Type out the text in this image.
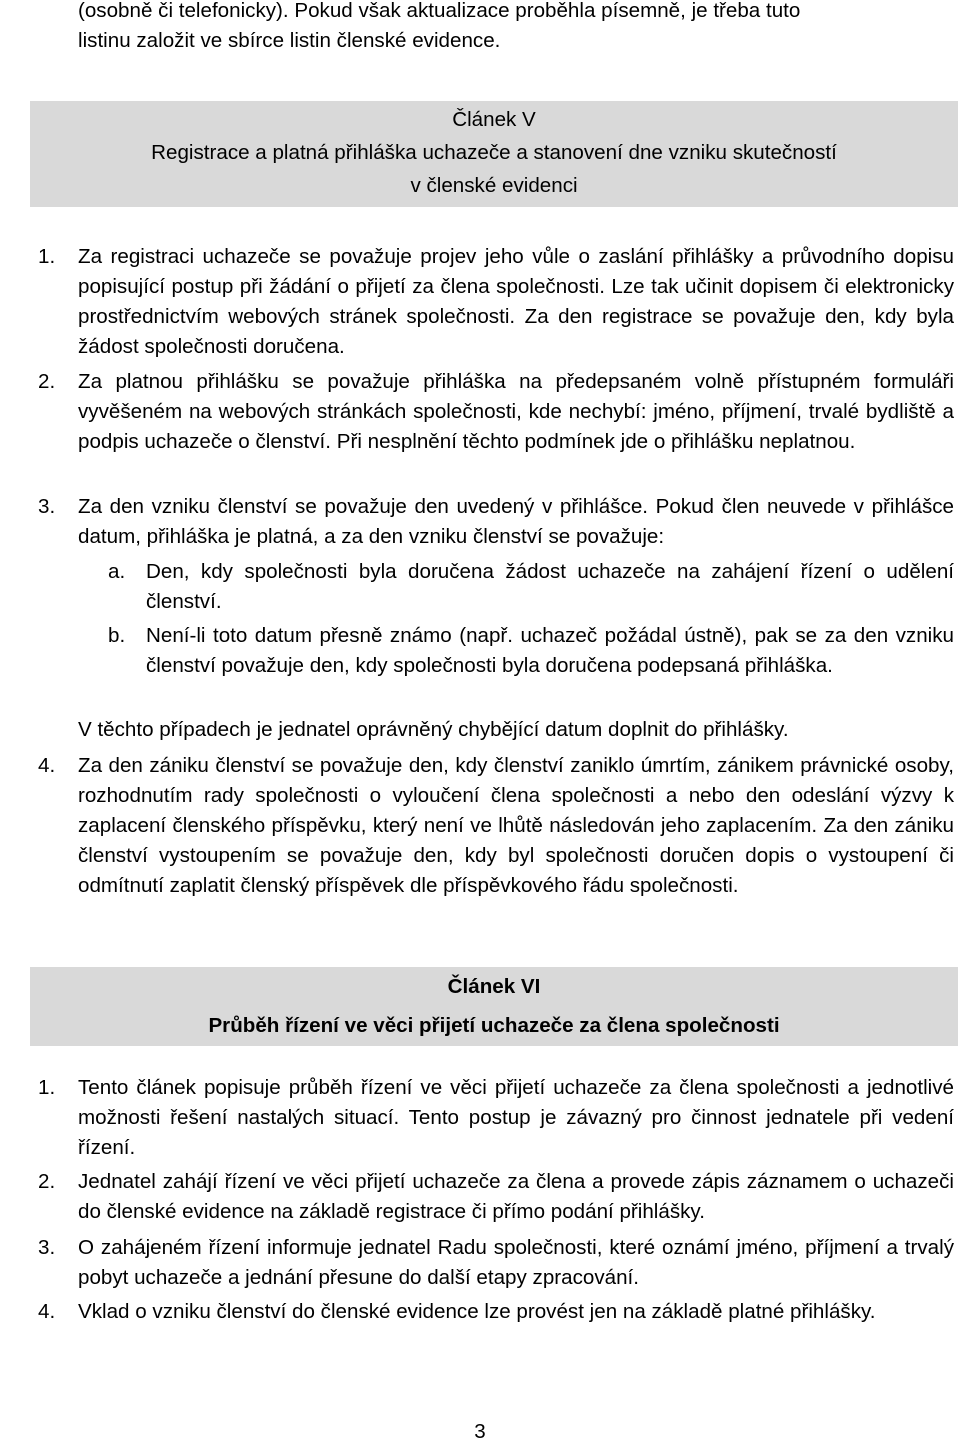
(osobně či telefonicky). Pokud však aktualizace proběhla písemně, je třeba tuto

listinu založit ve sbírce listin členské evidence.

Článek V
Registrace a platná přihláška uchazeče a stanovení dne vzniku skutečností
v členské evidenci
1. Za registraci uchazeče se považuje projev jeho vůle o zaslání přihlášky a průvodního dopisu popisující postup při žádání o přijetí za člena společnosti. Lze tak učinit dopisem či elektronicky prostřednictvím webových stránek společnosti. Za den registrace se považuje den, kdy byla žádost společnosti doručena.

2. Za platnou přihlášku se považuje přihláška na předepsaném volně přístupném formuláři vyvěšeném na webových stránkách společnosti, kde nechybí: jméno, příjmení, trvalé bydliště a podpis uchazeče o členství. Při nesplnění těchto podmínek jde o přihlášku neplatnou.

3. Za den vzniku členství se považuje den uvedený v přihlášce. Pokud člen neuvede v přihlášce datum, přihláška je platná, a za den vzniku členství se považuje:

a. Den, kdy společnosti byla doručena žádost uchazeče na zahájení řízení o udělení členství.

b. Není-li toto datum přesně známo (např. uchazeč požádal ústně), pak se za den vzniku členství považuje den, kdy společnosti byla doručena podepsaná přihláška.

V těchto případech je jednatel oprávněný chybějící datum doplnit do přihlášky.

4. Za den zániku členství se považuje den, kdy členství zaniklo úmrtím, zánikem právnické osoby, rozhodnutím rady společnosti o vyloučení člena společnosti a nebo den odeslání výzvy k zaplacení členského příspěvku, který není ve lhůtě následován jeho zaplacením. Za den zániku členství vystoupením se považuje den, kdy byl společnosti doručen dopis o vystoupení či odmítnutí zaplatit členský příspěvek dle příspěvkového řádu společnosti.

Článek VI
Průběh řízení ve věci přijetí uchazeče za člena společnosti
1. Tento článek popisuje průběh řízení ve věci přijetí uchazeče za člena společnosti a jednotlivé možnosti řešení nastalých situací. Tento postup je závazný pro činnost jednatele při vedení řízení.

2. Jednatel zahájí řízení ve věci přijetí uchazeče za člena a provede zápis záznamem o uchazeči do členské evidence na základě registrace či přímo podání přihlášky.

3. O zahájeném řízení informuje jednatel Radu společnosti, které oznámí jméno, příjmení a trvalý pobyt uchazeče a jednání přesune do další etapy zpracování.

4. Vklad o vzniku členství do členské evidence lze provést jen na základě platné přihlášky.

3
